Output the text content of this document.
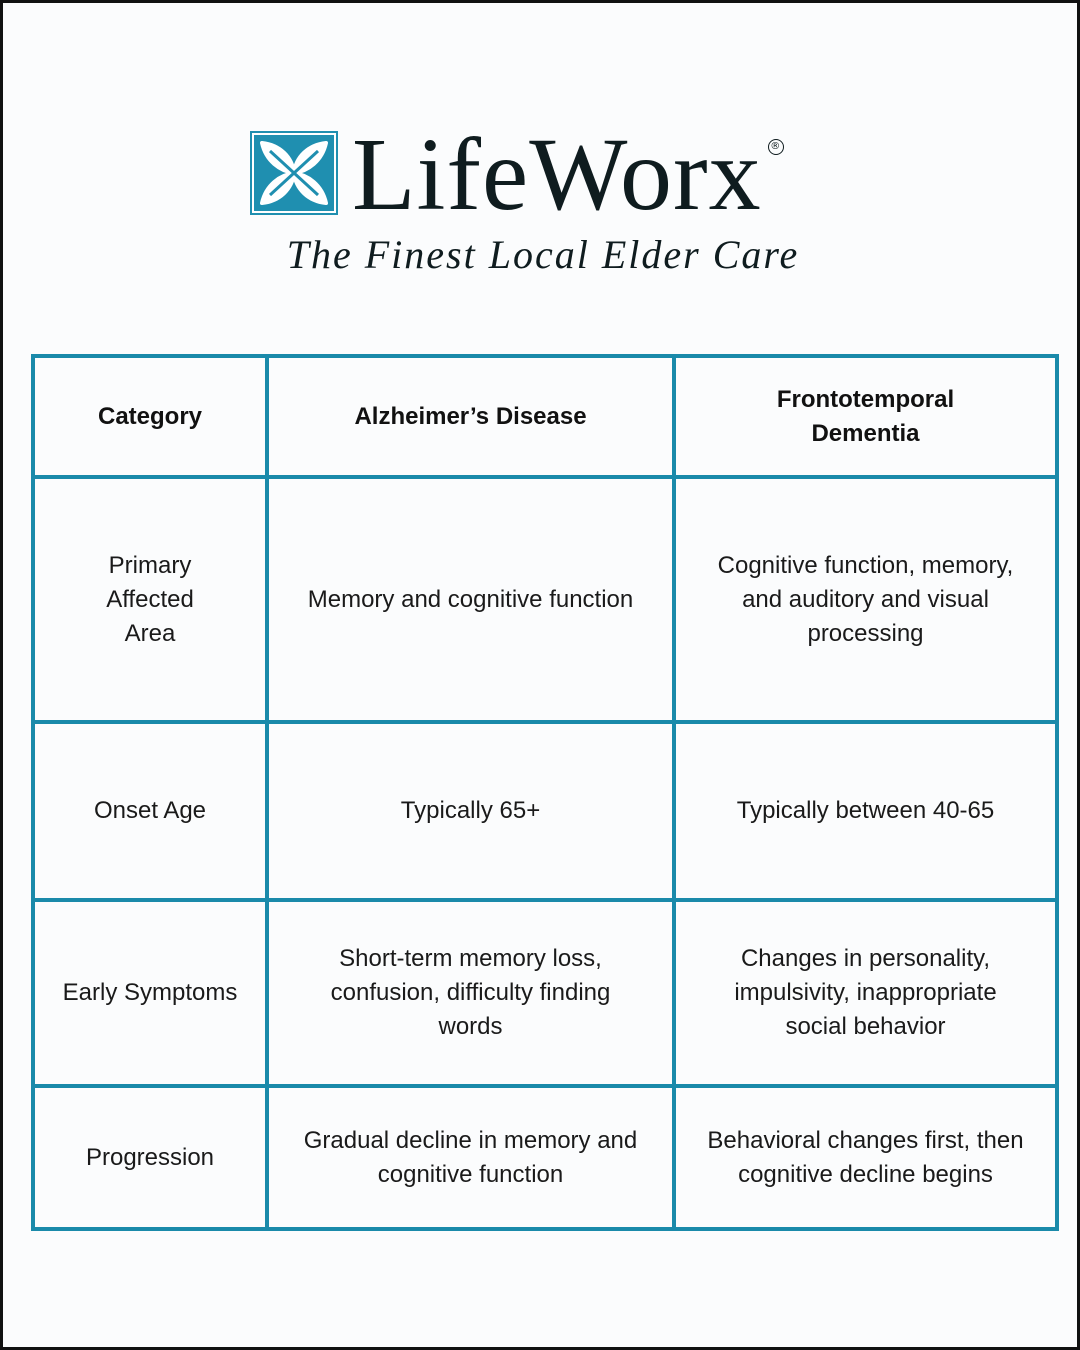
LifeWorx ®
The Finest Local Elder Care
Category	Alzheimer’s Disease	Frontotemporal Dementia
Primary Affected Area	Memory and cognitive function	Cognitive function, memory, and auditory and visual processing
Onset Age	Typically 65+	Typically between 40-65
Early Symptoms	Short-term memory loss, confusion, difficulty finding words	Changes in personality, impulsivity, inappropriate social behavior
Progression	Gradual decline in memory and cognitive function	Behavioral changes first, then cognitive decline begins
